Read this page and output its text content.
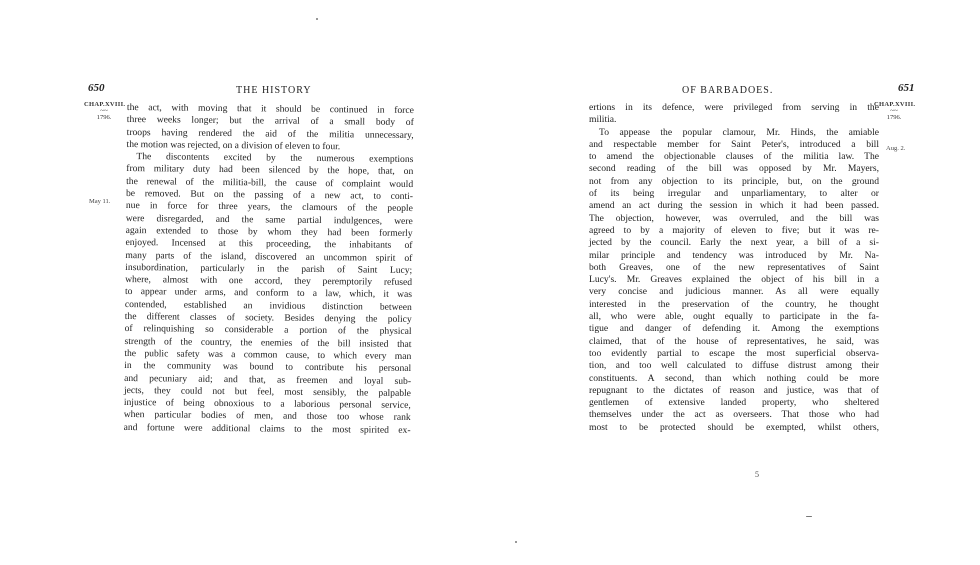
650	THE HISTORY
CHAP.XVIII.
~~
1796.
May 11.
the act, with moving that it should be continued in force
three weeks longer; but the arrival of a small body of
troops having rendered the aid of the militia unnecessary,
the motion was rejected, on a division of eleven to four.
The discontents excited by the numerous exemptions
from military duty had been silenced by the hope, that, on
the renewal of the militia-bill, the cause of complaint would
be removed. But on the passing of a new act, to conti-
nue in force for three years, the clamours of the people
were disregarded, and the same partial indulgences, were
again extended to those by whom they had been formerly
enjoyed. Incensed at this proceeding, the inhabitants of
many parts of the island, discovered an uncommon spirit of
insubordination, particularly in the parish of Saint Lucy;
where, almost with one accord, they peremptorily refused
to appear under arms, and conform to a law, which, it was
contended, established an invidious distinction between
the different classes of society. Besides denying the policy
of relinquishing so considerable a portion of the physical
strength of the country, the enemies of the bill insisted that
the public safety was a common cause, to which every man
in the community was bound to contribute his personal
and pecuniary aid; and that, as freemen and loyal sub-
jects, they could not but feel, most sensibly, the palpable
injustice of being obnoxious to a laborious personal service,
when particular bodies of men, and those too whose rank
and fortune were additional claims to the most spirited ex-
OF BARBADOES.	651
CHAP.XVIII.
~~
1796.
Aug. 2.
ertions in its defence, were privileged from serving in the
militia.
To appease the popular clamour, Mr. Hinds, the amiable
and respectable member for Saint Peter's, introduced a bill
to amend the objectionable clauses of the militia law. The
second reading of the bill was opposed by Mr. Mayers,
not from any objection to its principle, but, on the ground
of its being irregular and unparliamentary, to alter or
amend an act during the session in which it had been passed.
The objection, however, was overruled, and the bill was
agreed to by a majority of eleven to five; but it was re-
jected by the council. Early the next year, a bill of a si-
milar principle and tendency was introduced by Mr. Na-
both Greaves, one of the new representatives of Saint
Lucy's. Mr. Greaves explained the object of his bill in a
very concise and judicious manner. As all were equally
interested in the preservation of the country, he thought
all, who were able, ought equally to participate in the fa-
tigue and danger of defending it. Among the exemptions
claimed, that of the house of representatives, he said, was
too evidently partial to escape the most superficial observa-
tion, and too well calculated to diffuse distrust among their
constituents. A second, than which nothing could be more
repugnant to the dictates of reason and justice, was that of
gentlemen of extensive landed property, who sheltered
themselves under the act as overseers. That those who had
most to be protected should be exempted, whilst others,
5
